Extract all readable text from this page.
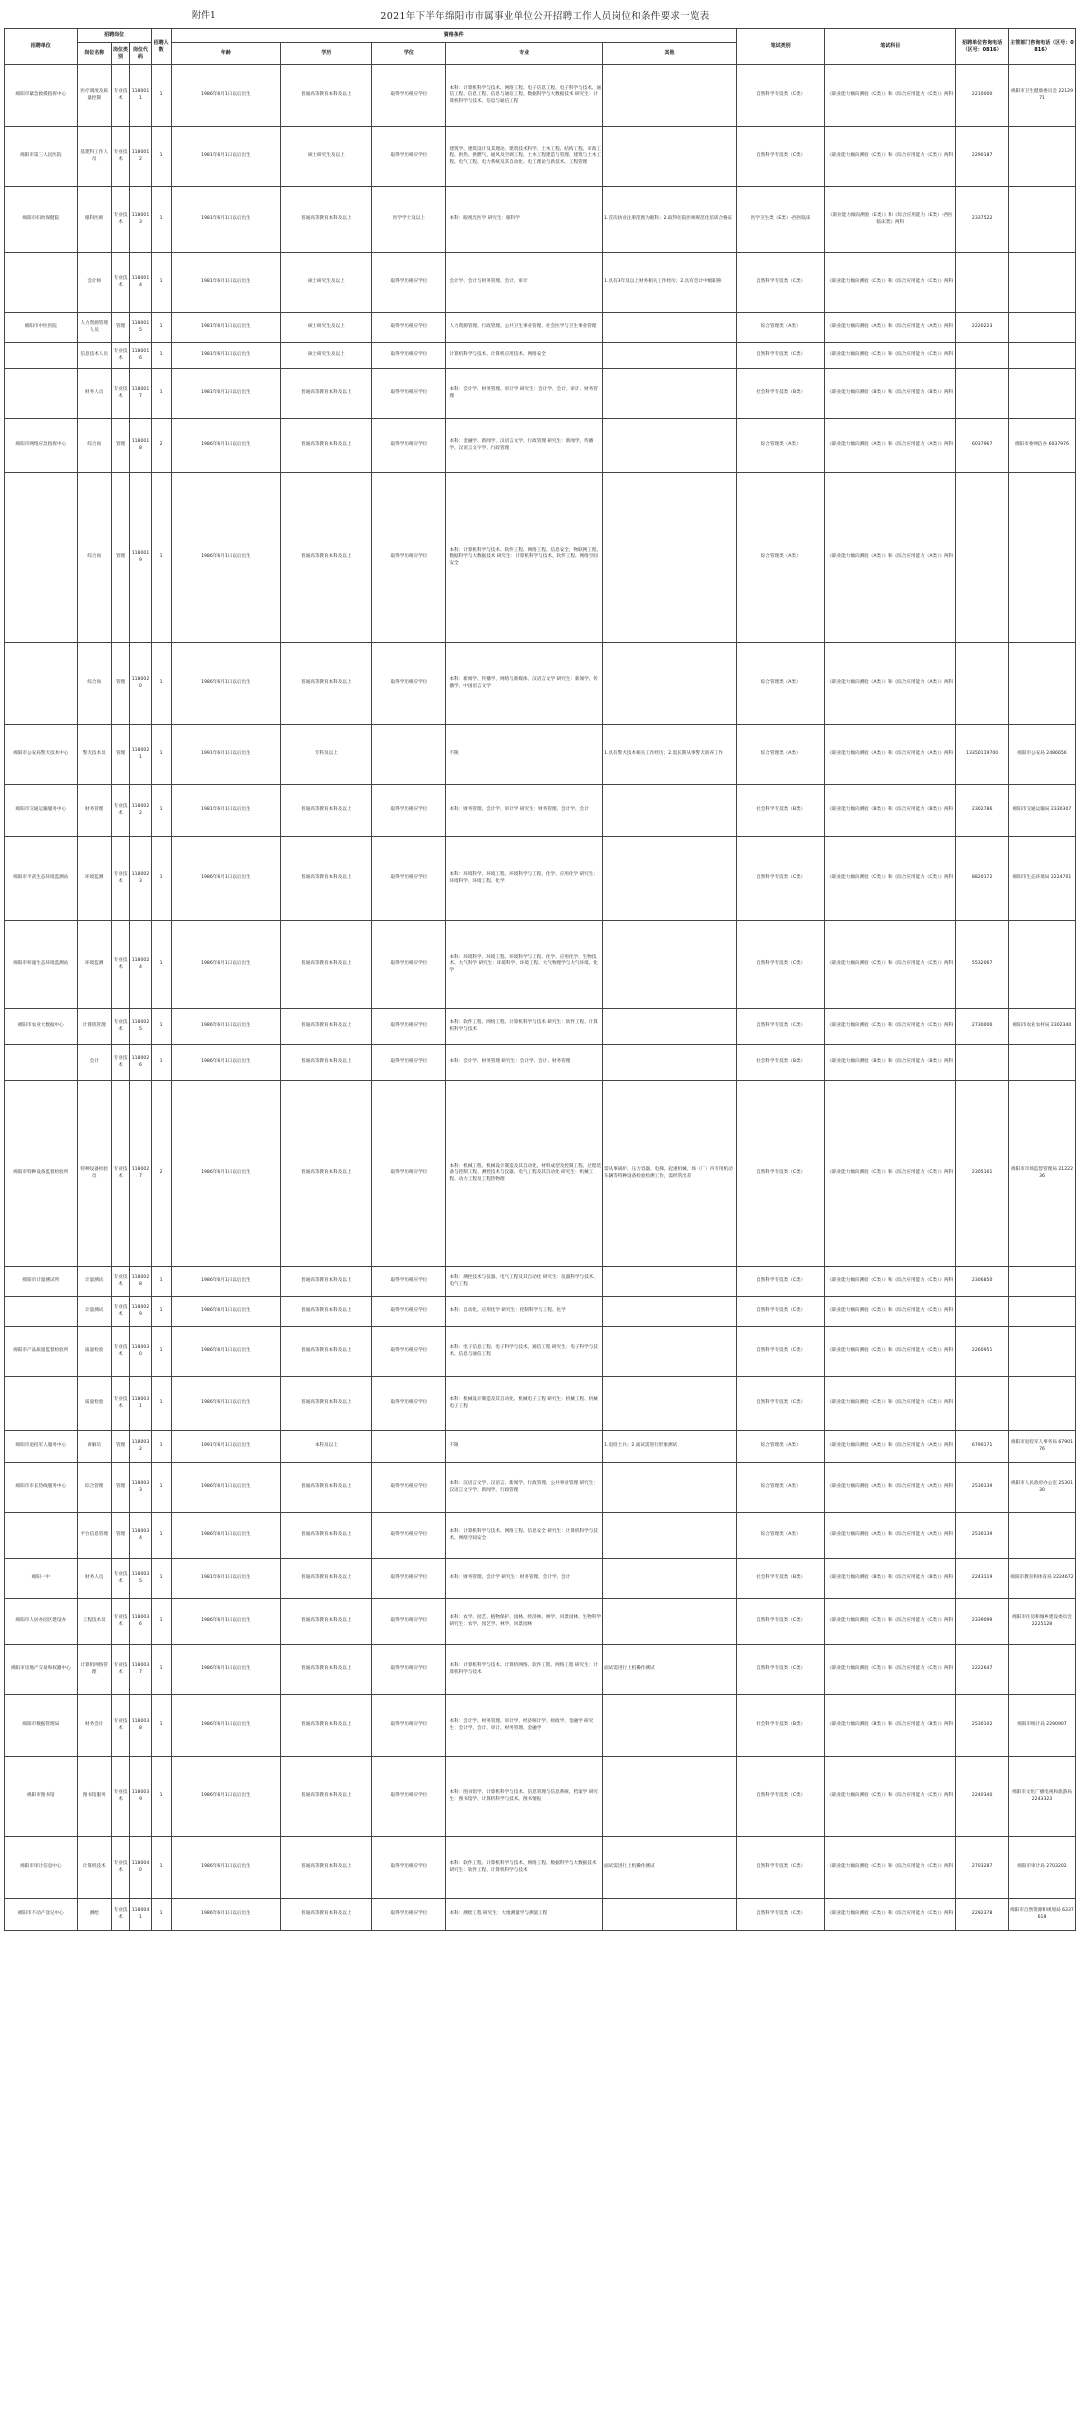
附件1	2021年下半年绵阳市市属事业单位公开招聘工作人员岗位和条件要求一览表
招聘单位	招聘岗位			招聘人数	資格条件					笔试类别	笔试科目	招聘单位咨询电话（区号：0816）	主管部门咨询电话（区号：0816）
	岗位名称	岗位类别	岗位代码		年龄	学历	学位	专业	其他				
绵阳市紧急救援指挥中心	医疗调度及质量控制	专业技术	1180011	1	1986年6月1日以后出生	普通高等教育本科及以上	取得学历相应学位	本科：计算机科学与技术、网络工程、电子信息工程、电子科学与技术、通信工程、信息工程、信息与通信工程、数据科学与大数据技术 研究生：计算机科学与技术、信息与通信工程		自然科学专技类（C类）	《职业能力倾向测验（C类）》和《综合应用能力（C类）》两科	2210000	绵阳市卫生健康委员会 2212971
绵阳市第三人民医院	基建科工作人员	专业技术	1180012	1	1981年6月1日以后出生	硕士研究生及以上	取得学历相应学位	建筑学、建筑设计及其理论、建筑技术科学、土木工程、结构工程、市政工程、供热、供燃气、通风及空调工程、土木工程建造与管理、建筑与土木工程、电气工程、电力系统及其自动化、电工理论与新技术、工程管理		自然科学专技类（C类）	《职业能力倾向测验（C类）》和《综合应用能力（C类）》两科	2290187	
绵阳市妇幼保健院	眼科医师	专业技术	1180013	1	1981年6月1日以后出生	普通高等教育本科及以上	医学学士及以上	本科：眼视光医学 研究生：眼科学	1.首次执业注册范围为眼科；2.取得住院医师规范化培训合格证	医学卫生类（E类）-西医临床	《职业能力倾向测验（E类）》和《综合应用能力（E类）-西医临床类》两科	2337522	
	会计师	专业技术	1180014	1	1981年6月1日以后出生	硕士研究生及以上	取得学历相应学位	会计学、会计与财务管理、会计、审计	1.具有3年及以上财务相关工作经历；2.具有会计中级职称	自然科学专技类（C类）	《职业能力倾向测验（C类）》和《综合应用能力（C类）》两科		
绵阳市中医医院	人力资源管理人员	管理	1180015	1	1981年6月1日以后出生	硕士研究生及以上	取得学历相应学位	人力资源管理、行政管理、公共卫生事业管理、社会医学与卫生事业管理		综合管理类（A类）	《职业能力倾向测验（A类）》和《综合应用能力（A类）》两科	2220223	
	信息技术人员	专业技术	1180016	1	1981年6月1日以后出生	硕士研究生及以上	取得学历相应学位	计算机科学与技术、计算机应用技术、网络安全		自然科学专技类（C类）	《职业能力倾向测验（C类）》和《综合应用能力（C类）》两科		
	财务人员	专业技术	1180017	1	1981年6月1日以后出生	普通高等教育本科及以上	取得学历相应学位	本科：会计学、财务管理、审计学 研究生：会计学、会计、审计、财务管理		社会科学专技类（B类）	《职业能力倾向测验（B类）》和《综合应用能力（B类）》两科		
绵阳市网络应急指挥中心	综合岗	管理	1180018	2	1986年6月1日以后出生	普通高等教育本科及以上	取得学历相应学位	本科：金融学、新闻学、汉语言文学、行政管理 研究生：新闻学、传播学、汉语言文字学、行政管理		综合管理类（A类）	《职业能力倾向测验（A类）》和《综合应用能力（A类）》两科	6037967	绵阳市委网信办 6037976
	综合岗	管理	1180019	1	1986年6月1日以后出生	普通高等教育本科及以上	取得学历相应学位	本科：计算机科学与技术、软件工程、网络工程、信息安全、物联网工程、数据科学与大数据技术 研究生：计算机科学与技术、软件工程、网络空间安全		综合管理类（A类）	《职业能力倾向测验（A类）》和《综合应用能力（A类）》两科		
	综合岗	管理	1180020	1	1986年6月1日以后出生	普通高等教育本科及以上	取得学历相应学位	本科：新闻学、传播学、网络与新媒体、汉语言文学 研究生：新闻学、传播学、中国语言文学		综合管理类（A类）	《职业能力倾向测验（A类）》和《综合应用能力（A类）》两科		
绵阳市公安局警犬技术中心	警犬技术员	管理	1180021	1	1991年6月1日以后出生	专科及以上		不限	1.具有警犬技术相关工作经历；2.需长期从事警犬训养工作	综合管理类（A类）	《职业能力倾向测验（A类）》和《综合应用能力（A类）》两科	13350119700	绵阳市公安局 2486656
绵阳市交通运输服务中心	财务管理	专业技术	1180022	1	1981年6月1日以后出生	普通高等教育本科及以上	取得学历相应学位	本科：财务管理、会计学、审计学 研究生：财务管理、会计学、会计		社会科学专技类（B类）	《职业能力倾向测验（B类）》和《综合应用能力（B类）》两科	2302786	绵阳市交通运输局 2330307
绵阳市平武生态环境监测站	环境监测	专业技术	1180023	1	1986年6月1日以后出生	普通高等教育本科及以上	取得学历相应学位	本科：环境科学、环境工程、环境科学与工程、化学、应用化学 研究生：环境科学、环境工程、化学		自然科学专技类（C类）	《职业能力倾向测验（C类）》和《综合应用能力（C类）》两科	8820172	绵阳市生态环境局 2224701
绵阳市梓潼生态环境监测站	环境监测	专业技术	1180024	1	1986年6月1日以后出生	普通高等教育本科及以上	取得学历相应学位	本科：环境科学、环境工程、环境科学与工程、化学、应用化学、生物技术、大气科学 研究生：环境科学、环境工程、大气物理学与大气环境、化学		自然科学专技类（C类）	《职业能力倾向测验（C类）》和《综合应用能力（C类）》两科	5532067	
绵阳市农业大数据中心	计算机管理	专业技术	1180025	1	1986年6月1日以后出生	普通高等教育本科及以上	取得学历相应学位	本科：软件工程、网络工程、计算机科学与技术 研究生：软件工程、计算机科学与技术		自然科学专技类（C类）	《职业能力倾向测验（C类）》和《综合应用能力（C类）》两科	2730006	绵阳市农业农村局 2302340
	会计	专业技术	1180026	1	1986年6月1日以后出生	普通高等教育本科及以上	取得学历相应学位	本科：会计学、财务管理 研究生：会计学、会计、财务管理		社会科学专技类（B类）	《职业能力倾向测验（B类）》和《综合应用能力（B类）》两科		
绵阳市特种设备监督检验所	特种设备检验员	专业技术	1180027	2	1986年6月1日以后出生	普通高等教育本科及以上	取得学历相应学位	本科：机械工程、机械设计制造及其自动化、材料成型及控制工程、过程装备与控制工程、测控技术与仪器、电气工程及其自动化 研究生：机械工程、动力工程及工程热物理	需从事锅炉、压力容器、电梯、起重机械、场（厂）内专用机动车辆等特种设备检验检测工作，需经常出差	自然科学专技类（C类）	《职业能力倾向测验（C类）》和《综合应用能力（C类）》两科	2305161	绵阳市市场监督管理局 2122236
绵阳市计量测试所	计量测试	专业技术	1180028	1	1986年6月1日以后出生	普通高等教育本科及以上	取得学历相应学位	本科：测控技术与仪器、电气工程及其自动化 研究生：仪器科学与技术、电气工程		自然科学专技类（C类）	《职业能力倾向测验（C类）》和《综合应用能力（C类）》两科	2306850	
	计量测试	专业技术	1180029	1	1986年6月1日以后出生	普通高等教育本科及以上	取得学历相应学位	本科：自动化、应用化学 研究生：控制科学与工程、化学		自然科学专技类（C类）	《职业能力倾向测验（C类）》和《综合应用能力（C类）》两科		
绵阳市产品质量监督检验所	质量检验	专业技术	1180030	1	1986年6月1日以后出生	普通高等教育本科及以上	取得学历相应学位	本科：电子信息工程、电子科学与技术、通信工程 研究生：电子科学与技术、信息与通信工程		自然科学专技类（C类）	《职业能力倾向测验（C类）》和《综合应用能力（C类）》两科	2260951	
	质量检验	专业技术	1180031	1	1986年6月1日以后出生	普通高等教育本科及以上	取得学历相应学位	本科：机械设计制造及其自动化、机械电子工程 研究生：机械工程、机械电子工程		自然科学专技类（C类）	《职业能力倾向测验（C类）》和《综合应用能力（C类）》两科		
绵阳市退役军人服务中心	讲解员	管理	1180032	1	1991年6月1日以后出生	本科及以上		不限	1.退役士兵；2.面试需进行形象测试	综合管理类（A类）	《职业能力倾向测验（A类）》和《综合应用能力（A类）》两科	6790171	绵阳市退役军人事务局 6790176
绵阳市市长热线服务中心	综合管理	管理	1180033	1	1986年6月1日以后出生	普通高等教育本科及以上	取得学历相应学位	本科：汉语言文学、汉语言、新闻学、行政管理、公共事业管理 研究生：汉语言文字学、新闻学、行政管理		综合管理类（A类）	《职业能力倾向测验（A类）》和《综合应用能力（A类）》两科	2530139	绵阳市人民政府办公室 2530130
	平台信息管理	管理	1180034	1	1986年6月1日以后出生	普通高等教育本科及以上	取得学历相应学位	本科：计算机科学与技术、网络工程、信息安全 研究生：计算机科学与技术、网络空间安全		综合管理类（A类）	《职业能力倾向测验（A类）》和《综合应用能力（A类）》两科	2530139	
绵阳一中	财务人员	专业技术	1180035	1	1981年6月1日以后出生	普通高等教育本科及以上	取得学历相应学位	本科：财务管理、会计学 研究生：财务管理、会计学、会计		社会科学专技类（B类）	《职业能力倾向测验（B类）》和《综合应用能力（B类）》两科	2243119	绵阳市教育和体育局 2224672
绵阳市人居办园区建设办	工程技术员	专业技术	1180036	1	1986年6月1日以后出生	普通高等教育本科及以上	取得学历相应学位	本科：农学、园艺、植物保护、园林、经济林、林学、风景园林、生物科学 研究生：农学、园艺学、林学、风景园林		自然科学专技类（C类）	《职业能力倾向测验（C类）》和《综合应用能力（C类）》两科	2339099	绵阳市住房和城乡建设委员会 2225128
绵阳市房地产交易和权籍中心	计算机网络管理	专业技术	1180037	1	1986年6月1日以后出生	普通高等教育本科及以上	取得学历相应学位	本科：计算机科学与技术、计算机网络、软件工程、网络工程 研究生：计算机科学与技术	面试需进行上机操作测试	自然科学专技类（C类）	《职业能力倾向测验（C类）》和《综合应用能力（C类）》两科	2222647	
绵阳市数据管理局	财务会计	专业技术	1180038	1	1986年6月1日以后出生	普通高等教育本科及以上	取得学历相应学位	本科：会计学、财务管理、审计学、经济统计学、财政学、金融学 研究生：会计学、会计、审计、财务管理、金融学		社会科学专技类（B类）	《职业能力倾向测验（B类）》和《综合应用能力（B类）》两科	2530102	绵阳市统计局 2290907
绵阳市图书馆	图书馆服务	专业技术	1180039	1	1986年6月1日以后出生	普通高等教育本科及以上	取得学历相应学位	本科：图书馆学、计算机科学与技术、信息管理与信息系统、档案学 研究生：图书馆学、计算机科学与技术、图书情报		自然科学专技类（C类）	《职业能力倾向测验（C类）》和《综合应用能力（C类）》两科	2240340	绵阳市文化广播电视和旅游局 2243323
绵阳市审计信息中心	计算机技术	专业技术	1180040	1	1986年6月1日以后出生	普通高等教育本科及以上	取得学历相应学位	本科：软件工程、计算机科学与技术、网络工程、数据科学与大数据技术 研究生：软件工程、计算机科学与技术	面试需进行上机操作测试	自然科学专技类（C类）	《职业能力倾向测验（C类）》和《综合应用能力（C类）》两科	2703287	绵阳市审计局 2703202
绵阳市不动产登记中心	测绘	专业技术	1180041	1	1986年6月1日以后出生	普通高等教育本科及以上	取得学历相应学位	本科：测绘工程 研究生：大地测量学与测量工程		自然科学专技类（C类）	《职业能力倾向测验（C类）》和《综合应用能力（C类）》两科	2292378	绵阳市自然资源和规划局 6337618
